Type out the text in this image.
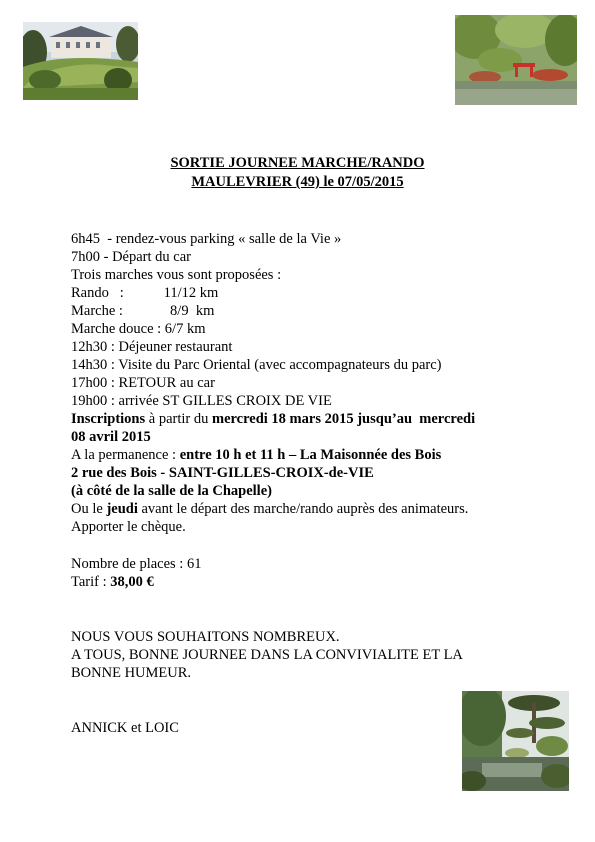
SORTIE JOURNEE MARCHE/RANDO
MAULEVRIER (49) le 07/05/2015
6h45  - rendez-vous parking « salle de la Vie »
7h00 - Départ du car
Trois marches vous sont proposées :
Rando   :           11/12 km
Marche :             8/9  km
Marche douce : 6/7 km
12h30 : Déjeuner restaurant
14h30 : Visite du Parc Oriental (avec accompagnateurs du parc)
17h00 : RETOUR au car
19h00 : arrivée ST GILLES CROIX DE VIE
Inscriptions à partir du mercredi 18 mars 2015 jusqu’au  mercredi
08 avril 2015
A la permanence : entre 10 h et 11 h – La Maisonnée des Bois
2 rue des Bois - SAINT-GILLES-CROIX-de-VIE
(à côté de la salle de la Chapelle)
Ou le jeudi avant le départ des marche/rando auprès des animateurs.
Apporter le chèque.
Nombre de places : 61
Tarif : 38,00 €
NOUS VOUS SOUHAITONS NOMBREUX.
A TOUS, BONNE JOURNEE DANS LA CONVIVIALITE ET LA
BONNE HUMEUR.
ANNICK et LOIC
